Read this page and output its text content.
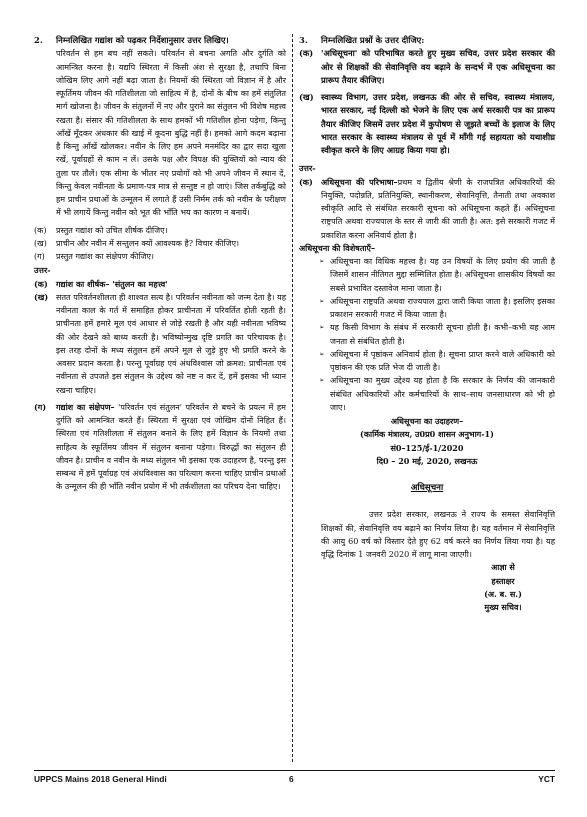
2.	निम्नलिखित गद्यांश को पढ़कर निर्देशानुसार उत्तर लिखिए।
परिवर्तन से हम बच नहीं सकते। परिवर्तन से बचना अगति और दुर्गति को आमन्त्रित करना है। यद्यपि स्थिरता में किसी अंश से सुरक्षा है, तथापि बिना जोखिम लिए आगे नहीं बढ़ा जाता है। नियमों की स्थिरता जो विज्ञान में है और स्फूर्तिमय जीवन की गतिशीलता जो साहित्य में है, दोनों के बीच का हमें संतुलित मार्ग खोजना है। जीवन के संतुलनों में नए और पुराने का संतुलन भी विशेष महत्त्व रखता है। संसार की गतिशीलता के साथ हमकों भी गतिशील होना पड़ेगा, किन्तु आँखें मूँदकर अंधकार की खाई में कूदना बुद्धि नहीं है। हमको आगे कदम बढ़ाना है किन्तु आँखें खोलकर। नवीन के लिए हम अपने मनमंदिर का द्वार सदा खुला रखें, पूर्वाग्रहों से काम न लें। उसके पक्ष और विपक्ष की युक्तियों को न्याय की तुला पर तौलें। एक सीमा के भीतर नए प्रयोगों को भी अपने जीवन में स्थान दें, किन्तु केवल नवीनता के प्रमाण-पत्र मात्र से सन्तुष्ट न हो जाएं। जिस तर्कबुद्धि को हम प्राचीन प्रथाओं के उन्मूलन में लगाते हैं उसी निर्मम तर्क को नवीन के परीक्षण में भी लगायें किन्तु नवीन को भूत की भाँति भय का कारण न बनायें।
(क)	प्रस्तुत गद्यांश को उचित शीर्षक दीजिए।
(ख)	प्राचीन और नवीन में सन्तुलन क्यों आवश्यक है? विचार कीजिए।
(ग)	प्रस्तुत गद्यांश का संक्षेपण कीजिए।
उत्तर-
(क)	गद्यांश का शीर्षक– 'संतुलन का महत्त्व'
(ख) सतत परिवर्तनशीलता ही शाश्वत सत्य है। परिवर्तन नवीनता को जन्म देता है। यह नवीनता काल के गर्त में समाहित होकर प्राचीनता में परिवर्तित होती रहती है। प्राचीनता हमें हमारे मूल एवं आधार से जोड़े रखती है और यही नवीनता भविष्य की ओर देखने को बाध्य करती है। भविष्योन्मुख दृष्टि प्रगति का परिचायक है। इस तरह दोनों के मध्य संतुलन हमें अपने मूल से जुड़े हुए भी प्रगति करने के अवसर प्रदान करता है। परन्तु पूर्वाग्रह एवं अंधविश्वास जो क्रमश: प्राचीनता एवं नवीनता से उपजते इस संतुलन के उद्देश्य को नष्ट न कर दें, हमें इसका भी ध्यान रखना चाहिए।
(ग)	गद्यांश का संक्षेपण– 'परिवर्तन एवं संतुलन' परिवर्तन से बचने के प्रयत्न में हम दुर्गति को आमन्त्रित करते हैं। स्थिरता में सुरक्षा एवं जोखिम दोनों निहित हैं। स्थिरता एवं गतिशीलता में संतुलन बनाने के लिए हमें विज्ञान के नियमों तथा साहित्य के स्फूर्तिमय जीवन में संतुलन बनाना पड़ेगा। विरुद्धों का संतुलन ही जीवन है। प्राचीन व नवीन के मध्य संतुलन भी इसका एक उदाहरण है, परन्तु इस सम्बन्ध में हमें पूर्वाग्रह एवं अंधविश्वास का परित्याग करना चाहिए प्राचीन प्रथाओं के उन्मूलन की ही भाँति नवीन प्रयोग में भी तर्कशीलता का परिचय देना चाहिए।
3.	निम्नलिखित प्रश्नों के उत्तर दीजिए:
(क) 'अधिसूचना' को परिभाषित करते हुए मुख्य सचिव, उत्तर प्रदेश सरकार की ओर से शिक्षकों की सेवानिवृत्ति वय बढ़ाने के सन्दर्भ में एक अधिसूचना का प्रारूप तैयार कीजिए।
(ख) स्वास्थ्य विभाग, उत्तर प्रदेश, लखनऊ की ओर से सचिव, स्वास्थ्य मंत्रालय, भारत सरकार, नई दिल्ली को भेजने के लिए एक अर्ध सरकारी पत्र का प्रारूप तैयार कीजिए जिसमें उत्तर प्रदेश में कुपोषण से जूझते बच्चों के इलाज के लिए भारत सरकार के स्वास्थ्य मंत्रालय से पूर्व में माँगी गई सहायता को यथाशीघ्र स्वीकृत करने के लिए आग्रह किया गया हो।
उत्तर-
(क)	अधिसूचना की परिभाषा–प्रथम व द्वितीय श्रेणी के राजपत्रित अधिकारियों की नियुक्ति, पदोन्नति, प्रतिनियुक्ति, स्थानीकरण, सेवानिवृत्ति, तैनाती तथा अवकाश स्वीकृति आदि से संबंधित सरकारी सूचना को अधिसूचना कहते हैं। अधिसूचना राष्ट्रपति अथवा राज्यपाल के स्तर से जारी की जाती है। अत: इसे सरकारी गजट में प्रकाशित करना अनिवार्य होता है।
अधिसूचना की विशेषताएँ–
➢ अधिसूचना का विधिक महत्त्व है। यह उन विषयों के लिए प्रयोग की जाती है जिसमें शासन नीतिगत मुद्दा सम्मिलित होता है। अधिसूचना शासकीय विषयों का सबसे प्रभावित दस्तावेज माना जाता है।
➢ अधिसूचना राष्ट्रपति अथवा राज्यपाल द्वारा जारी किया जाता है। इसलिए इसका प्रकाशन सरकारी गजट में किया जाता है।
➢ यह किसी विभाग के संबंध में सरकारी सूचना होती है। कभी–कभी यह आम जनता से संबंधित होती है।
➢ अधिसूचना में पृष्ठांकन अनिवार्य होता है। सूचना प्राप्त करने वाले अधिकारी को पृष्ठांकन की एक प्रति भेज दी जाती है।
➢ अधिसूचना का मुख्य उद्देश्य यह होता है कि सरकार के निर्णय की जानकारी संबंधित अधिकारियों और कर्मचारियों के साथ–साथ जनसाधारण को भी हो जाए।
अधिसूचना का उदाहरण–
(कार्मिक मंत्रालय, उ0प्र0 शासन अनुभाग-1)
सं0–125/ई-1/2020
दि0 – 20 मई, 2020, लखनऊ
अधिसूचना
उत्तर प्रदेश सरकार, लखनऊ ने राज्य के समस्त सेवानिवृत्ति शिक्षकों की, सेवानिवृत्ति वय बढ़ाने का निर्णय लिया है। यह वर्तमान में सेवानिवृत्ति की आयु 60 वर्ष को विस्तार देते हुए 62 वर्ष करने का निर्णय लिया गया है। यह वृद्धि दिनांक 1 जनवरी 2020 में लागू माना जाएगी।
आज्ञा से
हस्ताक्षर
(अ. ब. स.)
मुख्य सचिव।
UPPCS Mains 2018 General Hindi	6	YCT
